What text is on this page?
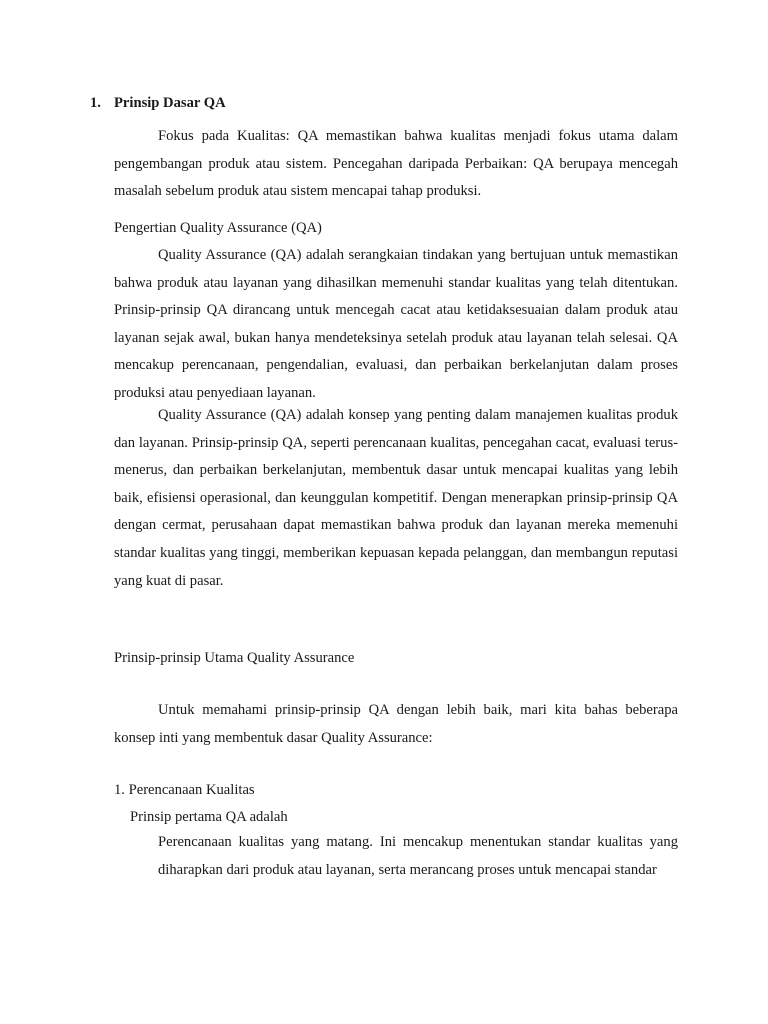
1. Prinsip Dasar QA

Fokus pada Kualitas: QA memastikan bahwa kualitas menjadi fokus utama dalam pengembangan produk atau sistem. Pencegahan daripada Perbaikan: QA berupaya mencegah masalah sebelum produk atau sistem mencapai tahap produksi.

Pengertian Quality Assurance (QA)

Quality Assurance (QA) adalah serangkaian tindakan yang bertujuan untuk memastikan bahwa produk atau layanan yang dihasilkan memenuhi standar kualitas yang telah ditentukan. Prinsip-prinsip QA dirancang untuk mencegah cacat atau ketidaksesuaian dalam produk atau layanan sejak awal, bukan hanya mendeteksinya setelah produk atau layanan telah selesai. QA mencakup perencanaan, pengendalian, evaluasi, dan perbaikan berkelanjutan dalam proses produksi atau penyediaan layanan.

Quality Assurance (QA) adalah konsep yang penting dalam manajemen kualitas produk dan layanan. Prinsip-prinsip QA, seperti perencanaan kualitas, pencegahan cacat, evaluasi terus-menerus, dan perbaikan berkelanjutan, membentuk dasar untuk mencapai kualitas yang lebih baik, efisiensi operasional, dan keunggulan kompetitif. Dengan menerapkan prinsip-prinsip QA dengan cermat, perusahaan dapat memastikan bahwa produk dan layanan mereka memenuhi standar kualitas yang tinggi, memberikan kepuasan kepada pelanggan, dan membangun reputasi yang kuat di pasar.

Prinsip-prinsip Utama Quality Assurance

Untuk memahami prinsip-prinsip QA dengan lebih baik, mari kita bahas beberapa konsep inti yang membentuk dasar Quality Assurance:

1. Perencanaan Kualitas

Prinsip pertama QA adalah

Perencanaan kualitas yang matang. Ini mencakup menentukan standar kualitas yang diharapkan dari produk atau layanan, serta merancang proses untuk mencapai standar
